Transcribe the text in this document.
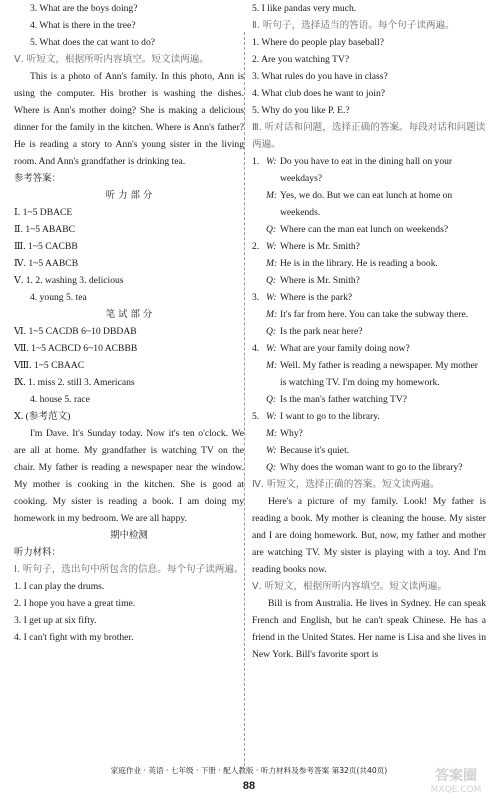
3. What are the boys doing?
4. What is there in the tree?
5. What does the cat want to do?
Ⅴ. 听短文，根据所听内容填空。短文读两遍。
This is a photo of Ann's family. In this photo, Ann is using the computer. His brother is washing the dishes. Where is Ann's mother doing? She is making a delicious dinner for the family in the kitchen. Where is Ann's father? He is reading a story to Ann's young sister in the living room. And Ann's grandfather is drinking tea.
参考答案：
听 力 部 分
Ⅰ. 1~5 DBACE
Ⅱ. 1~5 ABABC
Ⅲ. 1~5 CACBB
Ⅳ. 1~5 AABCB
Ⅴ. 1. 2. washing 3. delicious
4. young 5. tea
笔 试 部 分
Ⅵ. 1~5 CACDB 6~10 DBDAB
Ⅶ. 1~5 ACBCD 6~10 ACBBB
Ⅷ. 1~5 CBAAC
Ⅸ. 1. miss 2. still 3. Americans
4. house 5. race
Ⅹ. (参考范文)
I'm Dave. It's Sunday today. Now it's ten o'clock. We are all at home. My grandfather is watching TV on the chair. My father is reading a newspaper near the window. My mother is cooking in the kitchen. She is good at cooking. My sister is reading a book. I am doing my homework in my bedroom. We are all happy.
期中检测
听力材料：
Ⅰ. 听句子，选出句中所包含的信息。每个句子读两遍。
1. I can play the drums.
2. I hope you have a great time.
3. I get up at six fifty.
4. I can't fight with my brother.
5. I like pandas very much.
Ⅱ. 听句子，选择适当的答语。每个句子读两遍。
1. Where do people play baseball?
2. Are you watching TV?
3. What rules do you have in class?
4. What club does he want to join?
5. Why do you like P. E.?
Ⅲ. 听对话和问题，选择正确的答案。每段对话和问题读两遍。
1. W: Do you have to eat in the dining hall on your weekdays?
M: Yes, we do. But we can eat lunch at home on weekends.
Q: Where can the man eat lunch on weekends?
2. W: Where is Mr. Smith?
M: He is in the library. He is reading a book.
Q: Where is Mr. Smith?
3. W: Where is the park?
M: It's far from here. You can take the subway there.
Q: Is the park near here?
4. W: What are your family doing now?
M: Well. My father is reading a newspaper. My mother is watching TV. I'm doing my homework.
Q: Is the man's father watching TV?
5. W: I want to go to the library.
M: Why?
W: Because it's quiet.
Q: Why does the woman want to go to the library?
Ⅳ. 听短文，选择正确的答案。短文读两遍。
Here's a picture of my family. Look! My father is reading a book. My mother is cleaning the house. My sister and I are doing homework. But, now, my father and mother are watching TV. My sister is playing with a toy. And I'm reading books now.
Ⅴ. 听短文，根据所听内容填空。短文读两遍。
Bill is from Australia. He lives in Sydney. He can speak French and English, but he can't speak Chinese. He has a friend in the United States. Her name is Lisa and she lives in New York. Bill's favorite sport is
家庭作业 · 英语 · 七年级 · 下册 · 配人教版 · 听力材料及参考答案 第32页(共40页)
88
答案圈
MXQE.COM
